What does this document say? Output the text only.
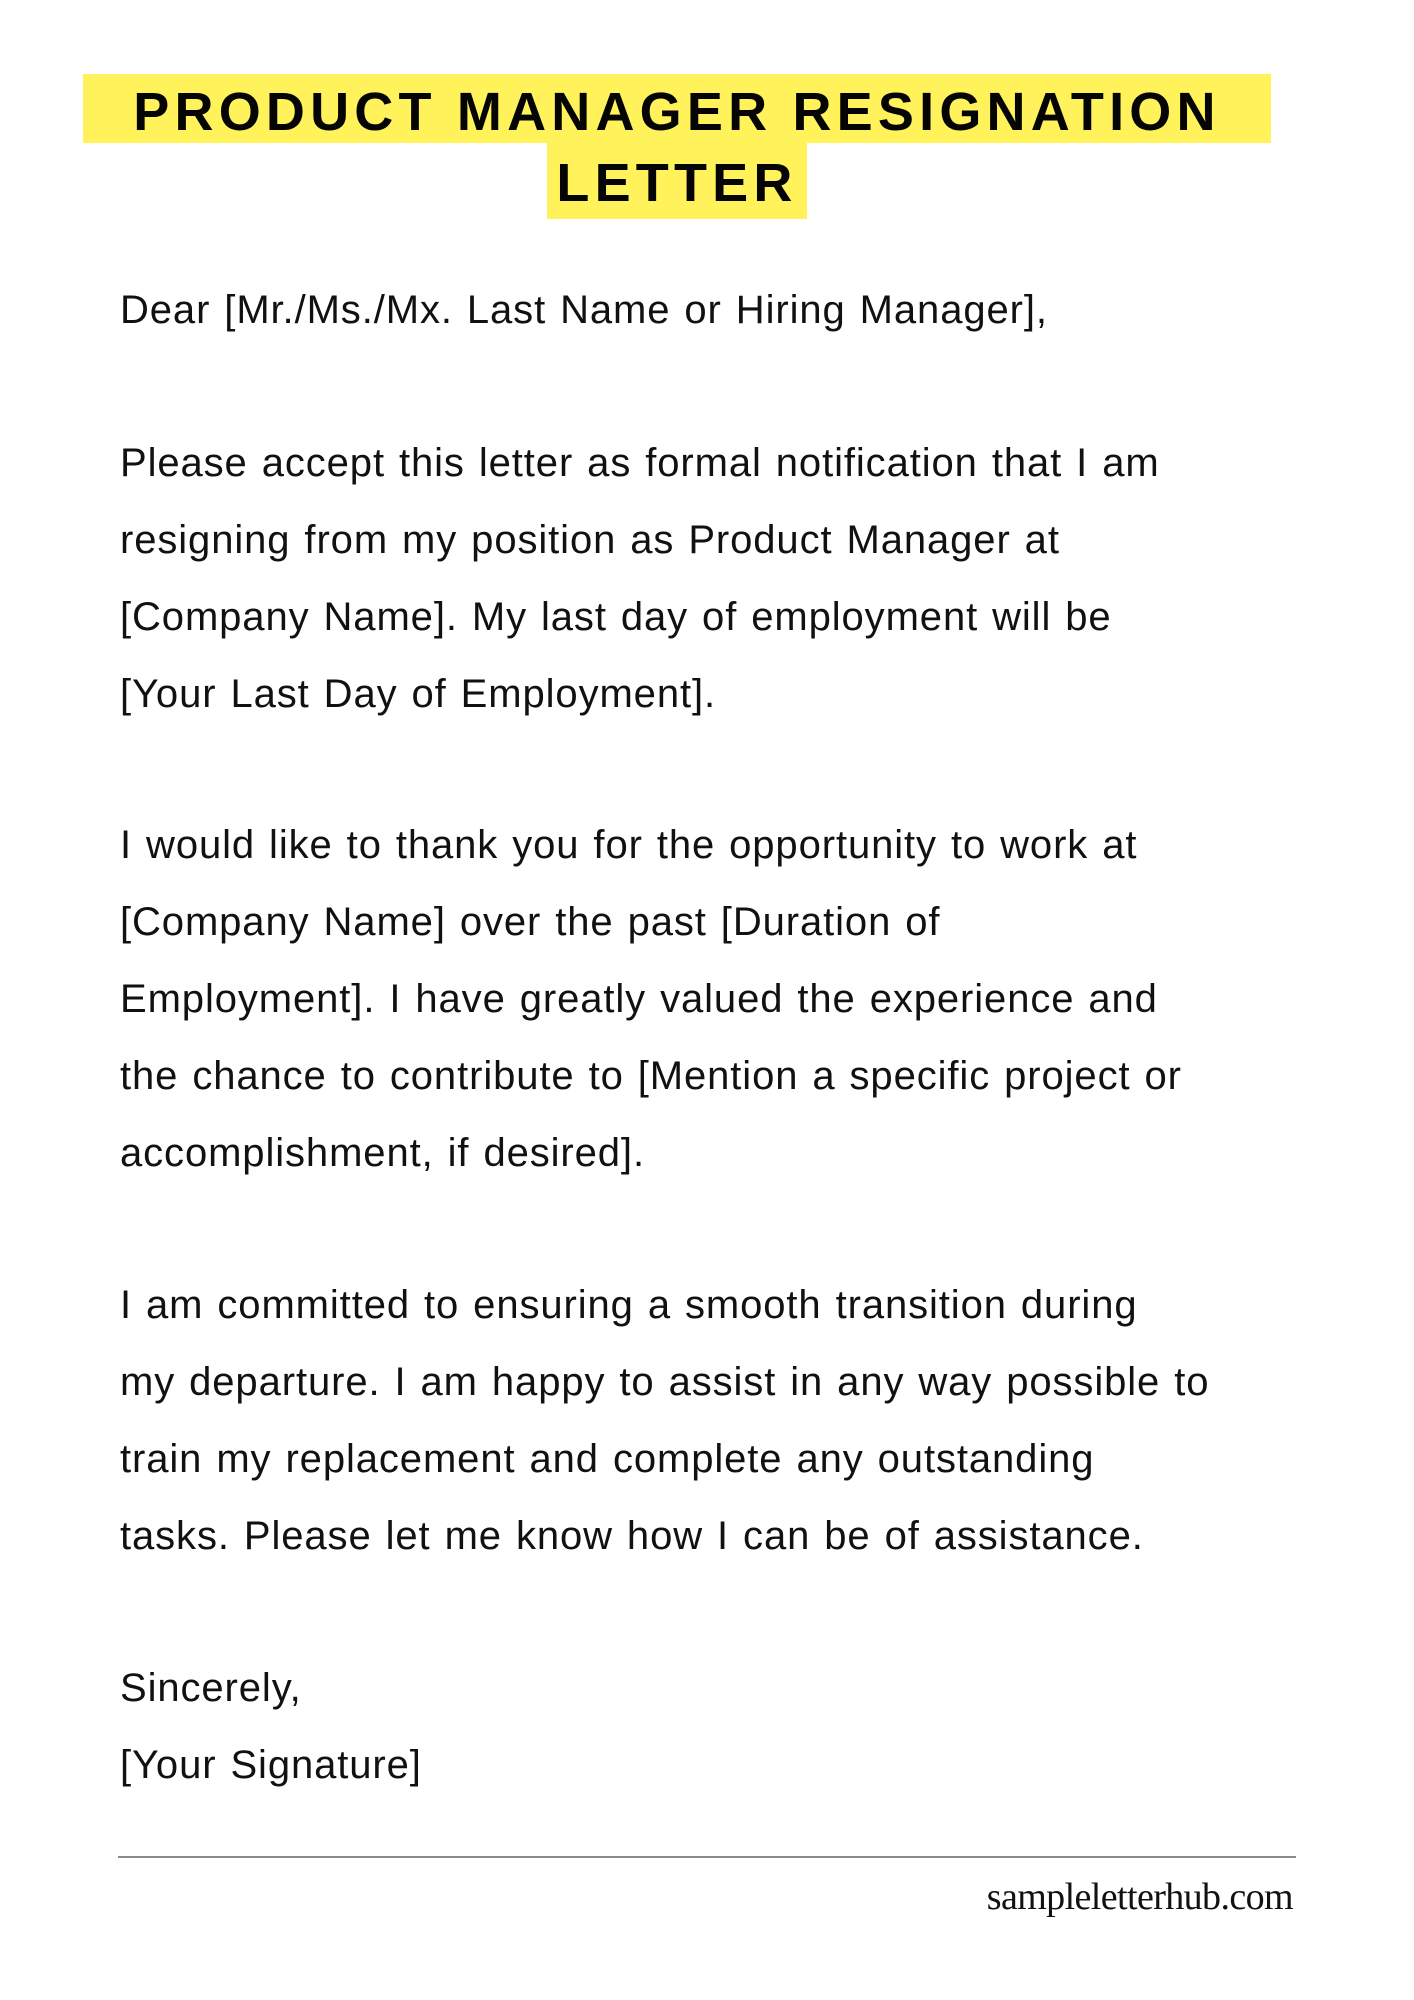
PRODUCT MANAGER RESIGNATION
LETTER

Dear [Mr./Ms./Mx. Last Name or Hiring Manager],

Please accept this letter as formal notification that I am
resigning from my position as Product Manager at
[Company Name]. My last day of employment will be
[Your Last Day of Employment].

I would like to thank you for the opportunity to work at
[Company Name] over the past [Duration of
Employment]. I have greatly valued the experience and
the chance to contribute to [Mention a specific project or
accomplishment, if desired].

I am committed to ensuring a smooth transition during
my departure. I am happy to assist in any way possible to
train my replacement and complete any outstanding
tasks. Please let me know how I can be of assistance.

Sincerely,
[Your Signature]

sampleletterhub.com
